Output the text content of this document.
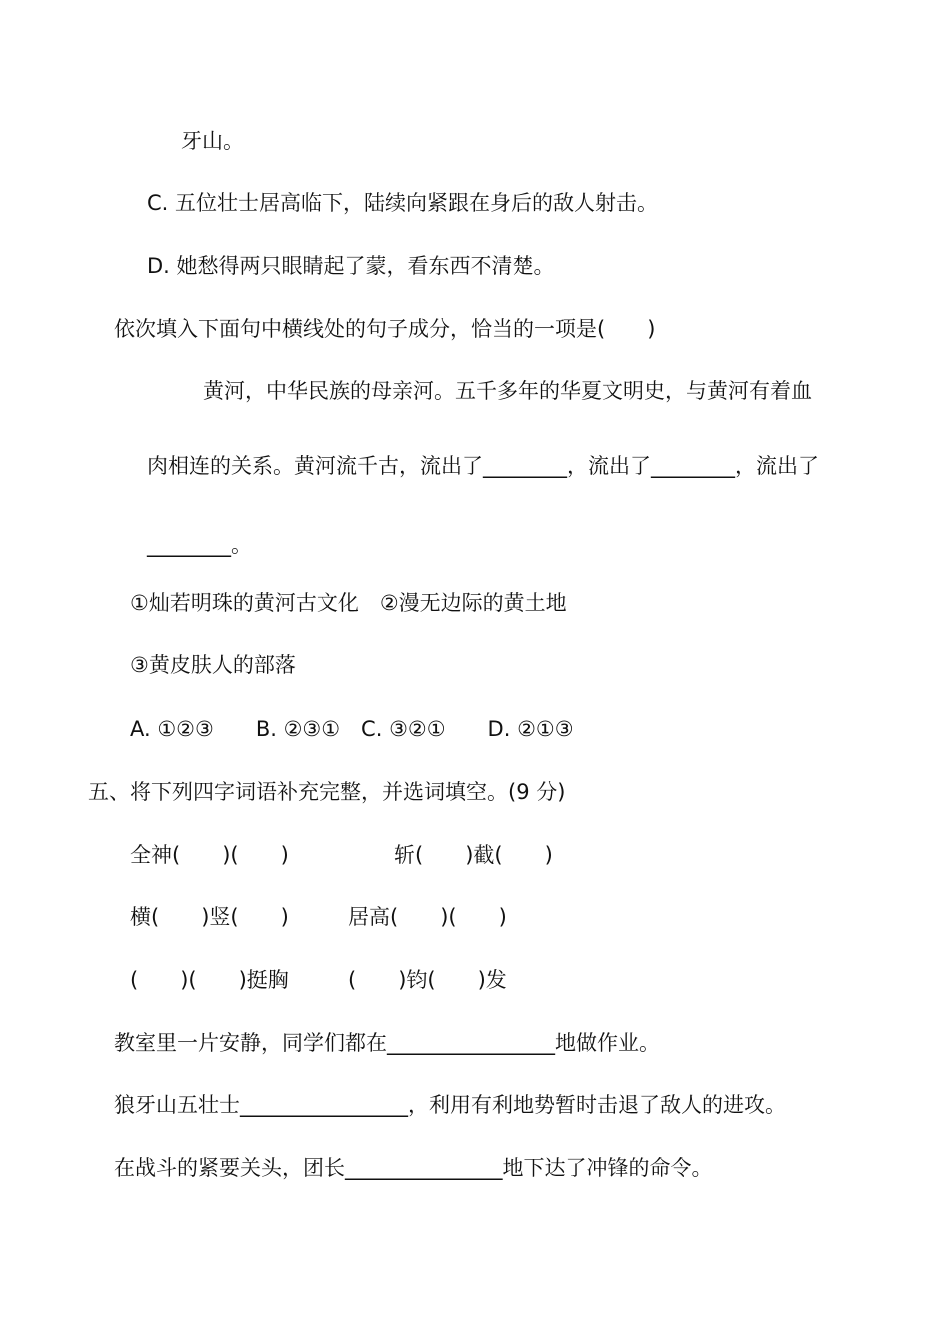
牙山。
C. 五位壮士居高临下，陆续向紧跟在身后的敌人射击。
D. 她愁得两只眼睛起了蒙，看东西不清楚。
依次填入下面句中横线处的句子成分，恰当的一项是(　　)
黄河，中华民族的母亲河。五千多年的华夏文明史，与黄河有着血
肉相连的关系。黄河流千古，流出了________，流出了________，流出了
________。
①灿若明珠的黄河古文化　②漫无边际的黄土地
③黄皮肤人的部落
A. ①②③　　B. ②③①　C. ③②①　　D. ②①③
五、将下列四字词语补充完整，并选词填空。(9 分)
全神(　　)(　　)	斩(　　)截(　　)
横(　　)竖(　　)	居高(　　)(　　)
(　　)(　　)挺胸	(　　)钧(　　)发
教室里一片安静，同学们都在________________地做作业。
狼牙山五壮士________________，利用有利地势暂时击退了敌人的进攻。
在战斗的紧要关头，团长_______________地下达了冲锋的命令。
